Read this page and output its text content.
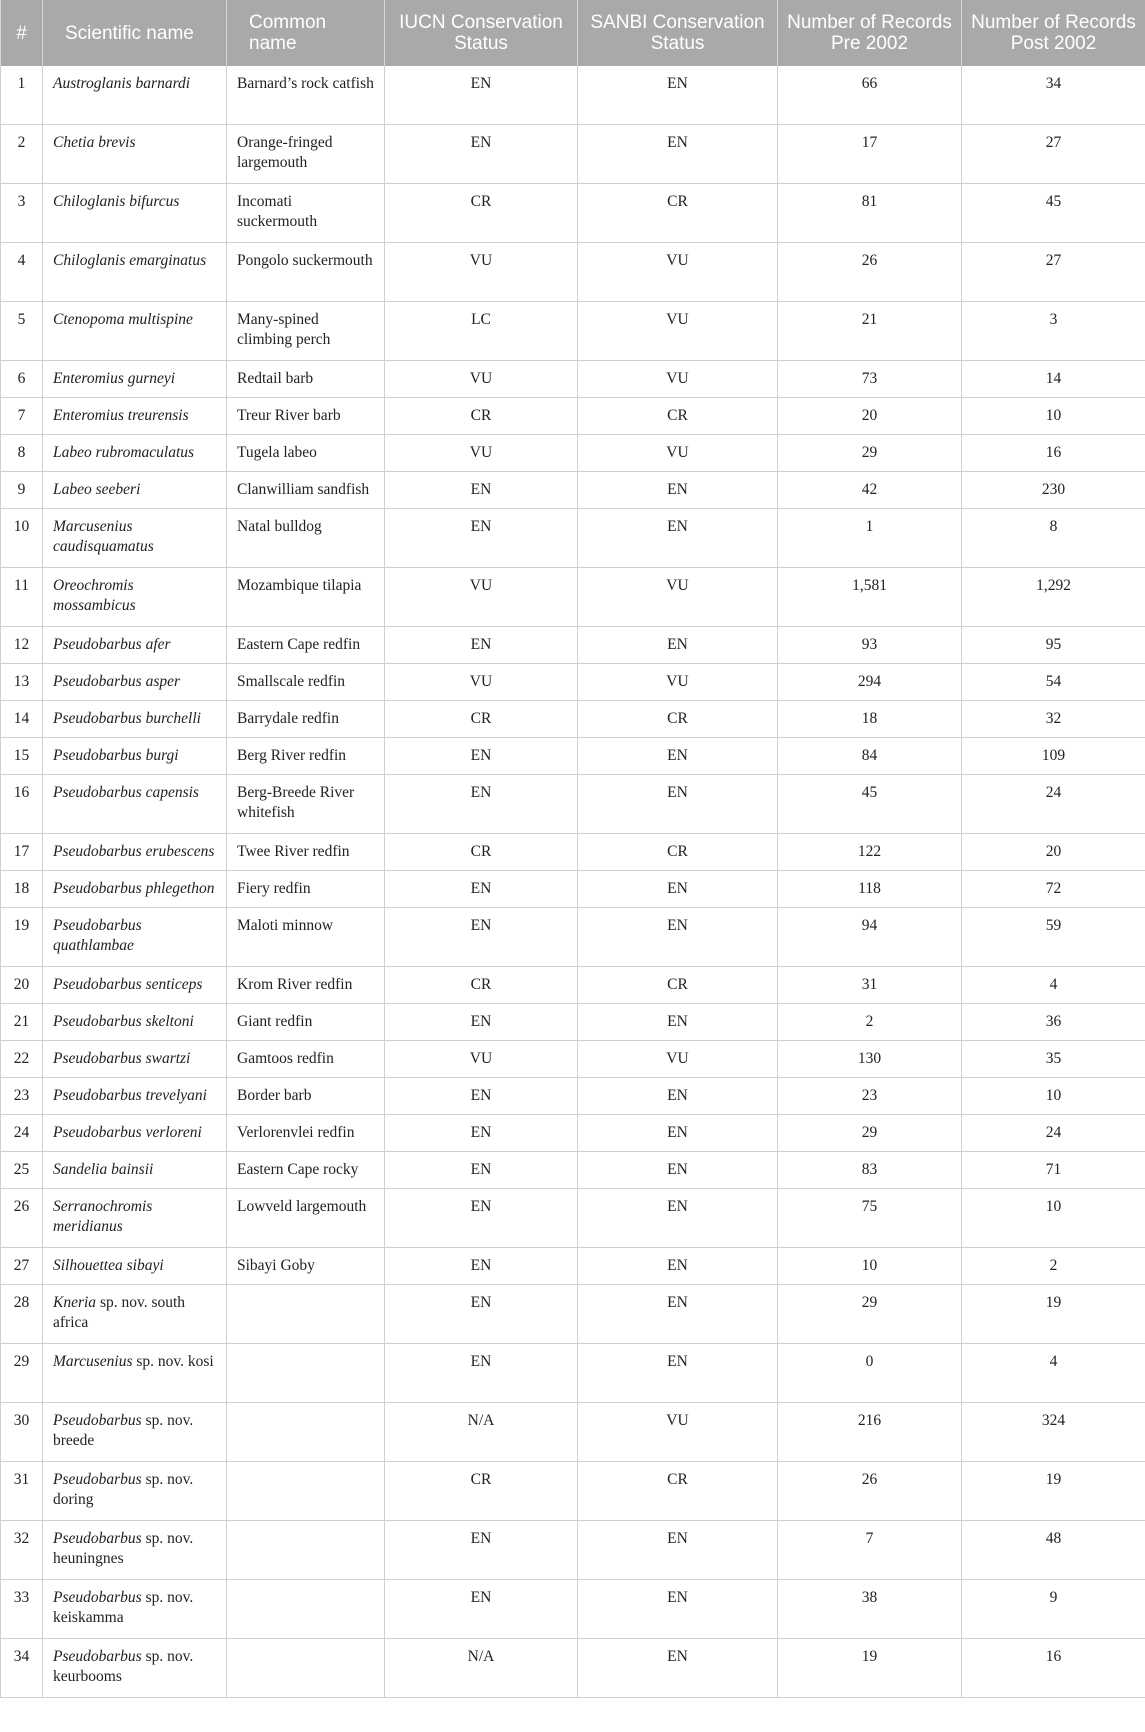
#	Scientific name	Common name	IUCN Conservation Status	SANBI Conservation Status	Number of Records Pre 2002	Number of Records Post 2002
1	Austroglanis barnardi	Barnard’s rock catfish	EN	EN	66	34
2	Chetia brevis	Orange-fringed largemouth	EN	EN	17	27
3	Chiloglanis bifurcus	Incomati suckermouth	CR	CR	81	45
4	Chiloglanis emarginatus	Pongolo suckermouth	VU	VU	26	27
5	Ctenopoma multispine	Many-spined climbing perch	LC	VU	21	3
6	Enteromius gurneyi	Redtail barb	VU	VU	73	14
7	Enteromius treurensis	Treur River barb	CR	CR	20	10
8	Labeo rubromaculatus	Tugela labeo	VU	VU	29	16
9	Labeo seeberi	Clanwilliam sandfish	EN	EN	42	230
10	Marcusenius caudisquamatus	Natal bulldog	EN	EN	1	8
11	Oreochromis mossambicus	Mozambique tilapia	VU	VU	1,581	1,292
12	Pseudobarbus afer	Eastern Cape redfin	EN	EN	93	95
13	Pseudobarbus asper	Smallscale redfin	VU	VU	294	54
14	Pseudobarbus burchelli	Barrydale redfin	CR	CR	18	32
15	Pseudobarbus burgi	Berg River redfin	EN	EN	84	109
16	Pseudobarbus capensis	Berg-Breede River whitefish	EN	EN	45	24
17	Pseudobarbus erubescens	Twee River redfin	CR	CR	122	20
18	Pseudobarbus phlegethon	Fiery redfin	EN	EN	118	72
19	Pseudobarbus quathlambae	Maloti minnow	EN	EN	94	59
20	Pseudobarbus senticeps	Krom River redfin	CR	CR	31	4
21	Pseudobarbus skeltoni	Giant redfin	EN	EN	2	36
22	Pseudobarbus swartzi	Gamtoos redfin	VU	VU	130	35
23	Pseudobarbus trevelyani	Border barb	EN	EN	23	10
24	Pseudobarbus verloreni	Verlorenvlei redfin	EN	EN	29	24
25	Sandelia bainsii	Eastern Cape rocky	EN	EN	83	71
26	Serranochromis meridianus	Lowveld largemouth	EN	EN	75	10
27	Silhouettea sibayi	Sibayi Goby	EN	EN	10	2
28	Kneria sp. nov. south africa		EN	EN	29	19
29	Marcusenius sp. nov. kosi		EN	EN	0	4
30	Pseudobarbus sp. nov. breede		N/A	VU	216	324
31	Pseudobarbus sp. nov. doring		CR	CR	26	19
32	Pseudobarbus sp. nov. heuningnes		EN	EN	7	48
33	Pseudobarbus sp. nov. keiskamma		EN	EN	38	9
34	Pseudobarbus sp. nov. keurbooms		N/A	EN	19	16
